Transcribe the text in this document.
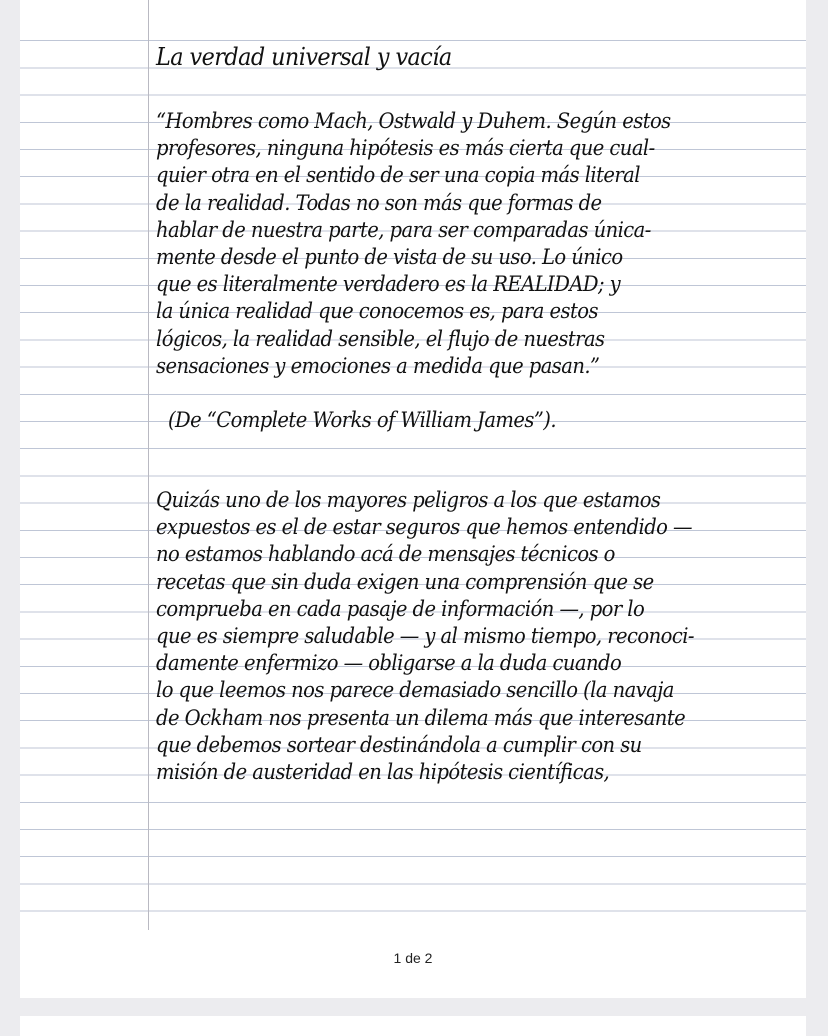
La verdad universal y vacía
“Hombres como Mach, Ostwald y Duhem. Según estos
profesores, ninguna hipótesis es más cierta que cual-
quier otra en el sentido de ser una copia más literal
de la realidad. Todas no son más que formas de
hablar de nuestra parte, para ser comparadas única-
mente desde el punto de vista de su uso. Lo único
que es literalmente verdadero es la REALIDAD; y
la única realidad que conocemos es, para estos
lógicos, la realidad sensible, el flujo de nuestras
sensaciones y emociones a medida que pasan.”
(De “Complete Works of William James”).
Quizás uno de los mayores peligros a los que estamos
expuestos es el de estar seguros que hemos entendido —
no estamos hablando acá de mensajes técnicos o
recetas que sin duda exigen una comprensión que se
comprueba en cada pasaje de información —, por lo
que es siempre saludable — y al mismo tiempo, reconoci-
damente enfermizo — obligarse a la duda cuando
lo que leemos nos parece demasiado sencillo (la navaja
de Ockham nos presenta un dilema más que interesante
que debemos sortear destinándola a cumplir con su
misión de austeridad en las hipótesis científicas,
1 de 2
